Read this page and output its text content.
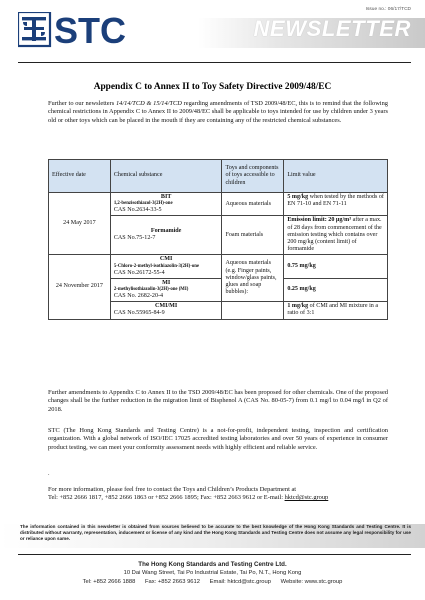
STC
Issue no.: 06/17/TCD
NEWSLETTER
Appendix C to Annex II to Toy Safety Directive 2009/48/EC
Further to our newsletters 14/14/TCD & 15/14/TCD regarding amendments of TSD 2009/48/EC, this is to remind that the following chemical restrictions in Appendix C to Annex II to 2009/48/EC shall be applicable to toys intended for use by children under 3 years old or other toys which can be placed in the mouth if they are containing any of the restricted chemical substances.
Effective date	Chemical substance	Toys and components of toys accessible to children	Limit value
24 May 2017	BIT
1,2-benzisothiazol-3(2H)-one
CAS No.2634-33-5	Aqueous materials	5 mg/kg when tested by the methods of EN 71-10 and EN 71-11

	Formamide
CAS No.75-12-7	Foam materials	Emission limit: 20 µg/m³ after a max. of 28 days from commencement of the emission testing which contains over 200 mg/kg (content limit) of formamide
24 November 2017	CMI
5-Chloro-2-methyl-isothiazolin-3(2H)-one
CAS No.26172-55-4	Aqueous materials (e.g. Finger paints, window/glass paints, glues and soap bubbles):	0.75 mg/kg

	MI
2-methylisothiazolin-3(2H)-one (MI)
CAS No. 2682-20-4		0.25 mg/kg

	CMI/MI
CAS No.55965-84-9		1 mg/kg of CMI and MI mixture in a ratio of 3:1
Further amendments to Appendix C to Annex II to the TSD 2009/48/EC has been proposed for other chemicals. One of the proposed changes shall be the further reduction in the migration limit of Bisphenol A (CAS No. 80-05-7) from 0.1 mg/l to 0.04 mg/l in Q2 of 2018.
STC (The Hong Kong Standards and Testing Centre) is a not-for-profit, independent testing, inspection and certification organization. With a global network of ISO/IEC 17025 accredited testing laboratories and over 50 years of experience in consumer product testing, we can meet your conformity assessment needs with highly efficient and reliable service.
.
For more information, please feel free to contact the Toys and Children’s Products Department at
Tel: +852 2666 1817, +852 2666 1863 or +852 2666 1895; Fax: +852 2663 9612 or E-mail: hktcd@stc.group
The information contained in this newsletter is obtained from sources believed to be accurate to the best knowledge of the Hong Kong Standards and Testing Centre. It is distributed without warranty, representation, inducement or license of any kind and the Hong Kong Standards and Testing Centre does not assume any legal responsibility for use or reliance upon same.
The Hong Kong Standards and Testing Centre Ltd.
10 Dai Wang Street, Tai Po Industrial Estate, Tai Po, N.T., Hong Kong
Tel: +852 2666 1888      Fax: +852 2663 9612      Email: hktcd@stc.group      Website: www.stc.group
